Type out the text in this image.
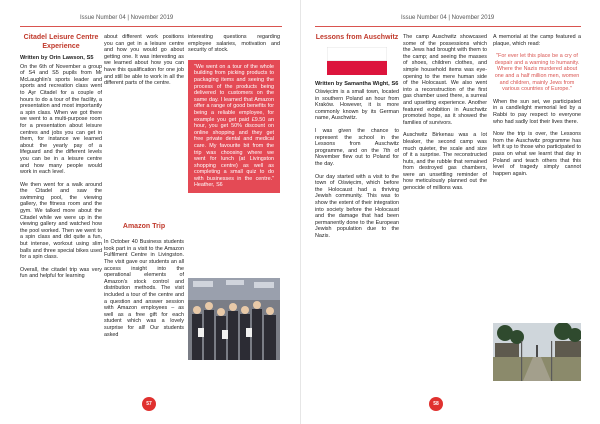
Issue Number 04 | November 2019
Citadel Leisure Centre Experience
Written by Orin Lawson, S5

On the 6th of November a group of S4 and S5 pupils from Mr McLaughlin's sports leader and sports and recreation class went to Ayr Citadel for a couple of hours to do a tour of the facility, a presentation and most importantly a spin class. When we got there we went to a multi-purpose room for a presentation about leisure centres and jobs you can get in them, for instance we learned about the yearly pay of a lifeguard and the different levels you can be in a leisure centre and how many people would work in each level.

We then went for a walk around the Citadel and saw the swimming pool, the viewing gallery, the fitness room and the gym. We talked more about the Citadel while we were up in the viewing gallery and watched how the pool worked. Then we went to a spin class and did quite a fun, but intense, workout using slim balls and three special bikes used for a spin class.

Overall, the citadel trip was very fun and helpful for learning

about different work positions you can get in a leisure centre and how you would go about getting one. It was interesting as we learned about how you can have this qualification for one job and still be able to work in all the different parts of the centre.

Amazon Trip

In October 40 Business students took part in a visit to the Amazon Fulfilment Centre in Livingston. The visit gave our students an all access insight into the operational elements of Amazon's stock control and distribution methods. The visit included a tour of the centre and a question and answer session with Amazon employees – as well as a free gift for each student which was a lovely surprise for all! Our students asked

interesting questions regarding employee salaries, motivation and security of stock.

"We went on a tour of the whole building from picking products to packaging items and seeing the process of the products being delivered to customers on the same day. I learned that Amazon offer a range of good benefits for being a reliable employee, for example you get paid £9.50 an hour, you get 50% discount on online shopping and they get free private dental and medical care. My favourite bit from the trip was choosing where we went for lunch (at Livingston shopping centre) as well as completing a small quiz to do with businesses in the centre." Heather, S6
57
Issue Number 04 | November 2019
Lessons from Auschwitz
Written by Samantha Wight, S6

Oświęcim is a small town, located in southern Poland an hour from Kraków. However, it is more commonly known by its German name, Auschwitz.

I was given the chance to represent the school in the Lessons from Auschwitz programme, and on the 7th of November flew out to Poland for the day.

Our day started with a visit to the town of Oświęcim, which before the Holocaust had a thriving Jewish community. This was to show the extent of their integration into society before the Holocaust and the damage that had been permanently done to the European Jewish population due to the Nazis.

The camp Auschwitz showcased some of the possessions which the Jews had brought with them to the camp; and seeing the masses of shoes, children clothes, and simple household items was eye-opening to the mere human side of the Holocaust. We also went into a reconstruction of the first gas chamber used there, a surreal and upsetting experience. Another featured exhibition in Auschwitz promoted hope, as it showed the families of survivors.

Auschwitz Birkenau was a lot bleaker, the second camp was much quieter, the scale and size of it a surprise. The reconstructed huts, and the rubble that remained from destroyed gas chambers, were an unsettling reminder of how meticulously planned out the genocide of millions was.

A memorial at the camp featured a plaque, which read:

"For ever let this place be a cry of despair and a warning to humanity. Where the Nazis murdered about one and a half million men, women and children, mainly Jews from various countries of Europe."

When the sun set, we participated in a candlelight memorial led by a Rabbi to pay respect to everyone who had sadly lost their lives there.

Now the trip is over, the Lessons from the Auschwitz programme has left it up to those who participated to pass on what we learnt that day in Poland and teach others that this level of tragedy simply cannot happen again.

58
